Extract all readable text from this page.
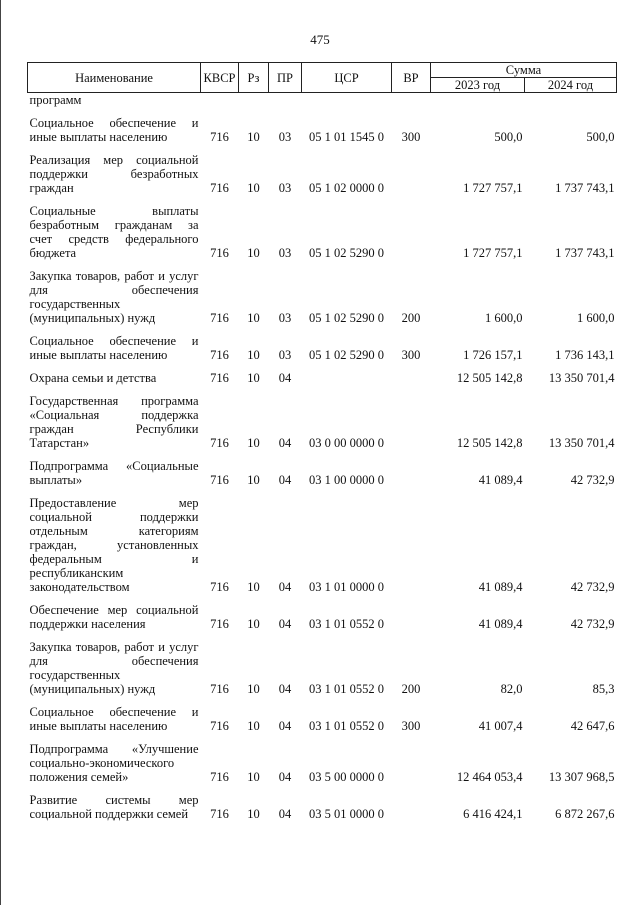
475
Наименование	КВСР	Рз	ПР	ЦСР	ВР	Сумма	
						2023 год	2024 год
программ							
Социальное обеспечение и иные выплаты населению	716	10	03	05 1 01 1545 0	300	500,0	500,0
Реализация мер социальной поддержки безработных граждан	716	10	03	05 1 02 0000 0		1 727 757,1	1 737 743,1
Социальные выплаты безработным гражданам за счет средств федерального бюджета	716	10	03	05 1 02 5290 0		1 727 757,1	1 737 743,1
Закупка товаров, работ и услуг для обеспечения государственных (муниципальных) нужд	716	10	03	05 1 02 5290 0	200	1 600,0	1 600,0
Социальное обеспечение и иные выплаты населению	716	10	03	05 1 02 5290 0	300	1 726 157,1	1 736 143,1
Охрана семьи и детства	716	10	04			12 505 142,8	13 350 701,4
Государственная программа «Социальная поддержка граждан Республики Татарстан»	716	10	04	03 0 00 0000 0		12 505 142,8	13 350 701,4
Подпрограмма «Социальные выплаты»	716	10	04	03 1 00 0000 0		41 089,4	42 732,9
Предоставление мер социальной поддержки отдельным категориям граждан, установленных федеральным и республиканским законодательством	716	10	04	03 1 01 0000 0		41 089,4	42 732,9
Обеспечение мер социальной поддержки населения	716	10	04	03 1 01 0552 0		41 089,4	42 732,9
Закупка товаров, работ и услуг для обеспечения государственных (муниципальных) нужд	716	10	04	03 1 01 0552 0	200	82,0	85,3
Социальное обеспечение и иные выплаты населению	716	10	04	03 1 01 0552 0	300	41 007,4	42 647,6
Подпрограмма «Улучшение социально-экономического положения семей»	716	10	04	03 5 00 0000 0		12 464 053,4	13 307 968,5
Развитие системы мер социальной поддержки семей	716	10	04	03 5 01 0000 0		6 416 424,1	6 872 267,6
